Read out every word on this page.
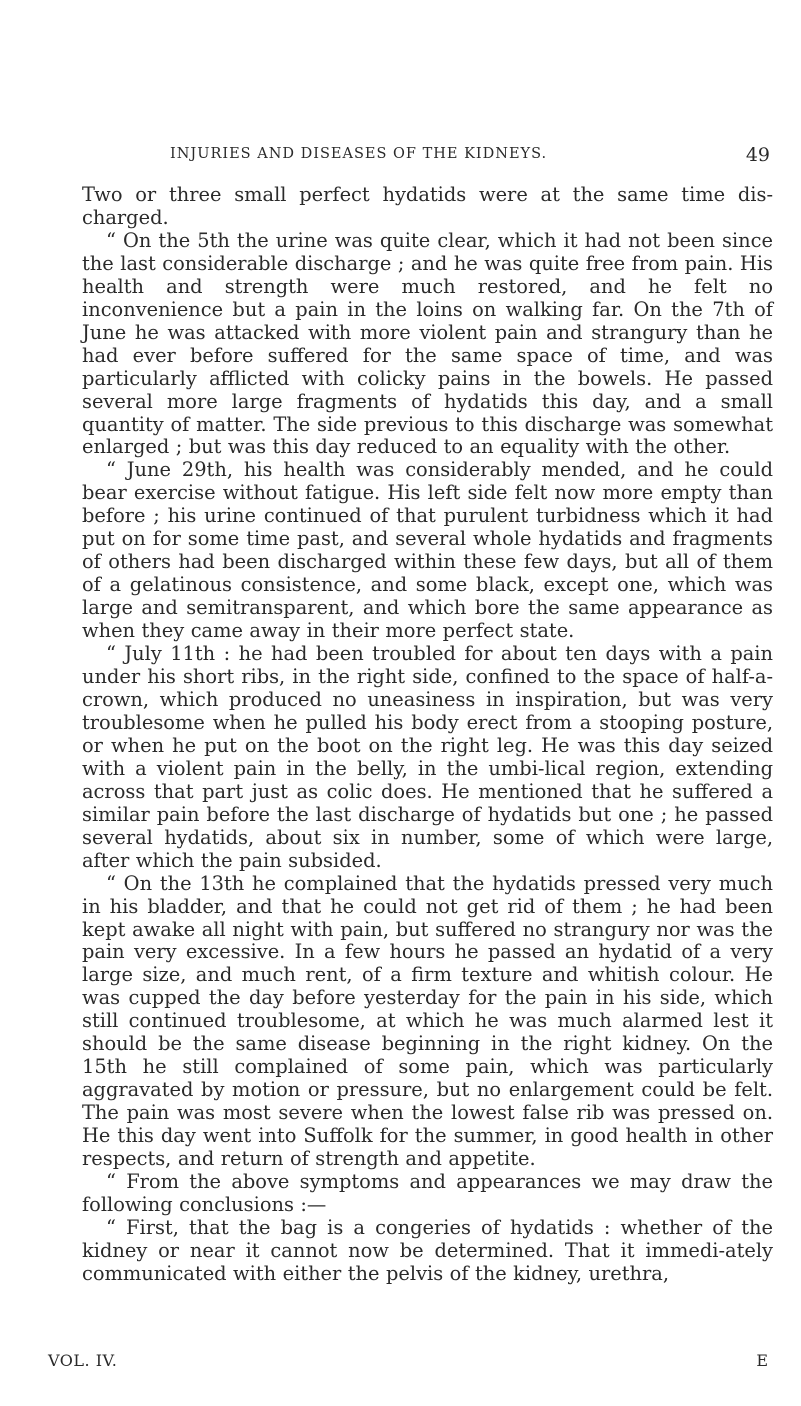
INJURIES AND DISEASES OF THE KIDNEYS.	49

Two or three small perfect hydatids were at the same time dis-charged.

“ On the 5th the urine was quite clear, which it had not been since the last considerable discharge ; and he was quite free from pain. His health and strength were much restored, and he felt no inconvenience but a pain in the loins on walking far. On the 7th of June he was attacked with more violent pain and strangury than he had ever before suffered for the same space of time, and was particularly afflicted with colicky pains in the bowels. He passed several more large fragments of hydatids this day, and a small quantity of matter. The side previous to this discharge was somewhat enlarged ; but was this day reduced to an equality with the other.

“ June 29th, his health was considerably mended, and he could bear exercise without fatigue. His left side felt now more empty than before ; his urine continued of that purulent turbidness which it had put on for some time past, and several whole hydatids and fragments of others had been discharged within these few days, but all of them of a gelatinous consistence, and some black, except one, which was large and semitransparent, and which bore the same appearance as when they came away in their more perfect state.

“ July 11th : he had been troubled for about ten days with a pain under his short ribs, in the right side, confined to the space of half-a-crown, which produced no uneasiness in inspiration, but was very troublesome when he pulled his body erect from a stooping posture, or when he put on the boot on the right leg. He was this day seized with a violent pain in the belly, in the umbi-lical region, extending across that part just as colic does. He mentioned that he suffered a similar pain before the last discharge of hydatids but one ; he passed several hydatids, about six in number, some of which were large, after which the pain subsided.

“ On the 13th he complained that the hydatids pressed very much in his bladder, and that he could not get rid of them ; he had been kept awake all night with pain, but suffered no strangury nor was the pain very excessive. In a few hours he passed an hydatid of a very large size, and much rent, of a firm texture and whitish colour. He was cupped the day before yesterday for the pain in his side, which still continued troublesome, at which he was much alarmed lest it should be the same disease beginning in the right kidney. On the 15th he still complained of some pain, which was particularly aggravated by motion or pressure, but no enlargement could be felt. The pain was most severe when the lowest false rib was pressed on. He this day went into Suffolk for the summer, in good health in other respects, and return of strength and appetite.

“ From the above symptoms and appearances we may draw the following conclusions :—

“ First, that the bag is a congeries of hydatids : whether of the kidney or near it cannot now be determined. That it immedi-ately communicated with either the pelvis of the kidney, urethra,

VOL. IV.	E
